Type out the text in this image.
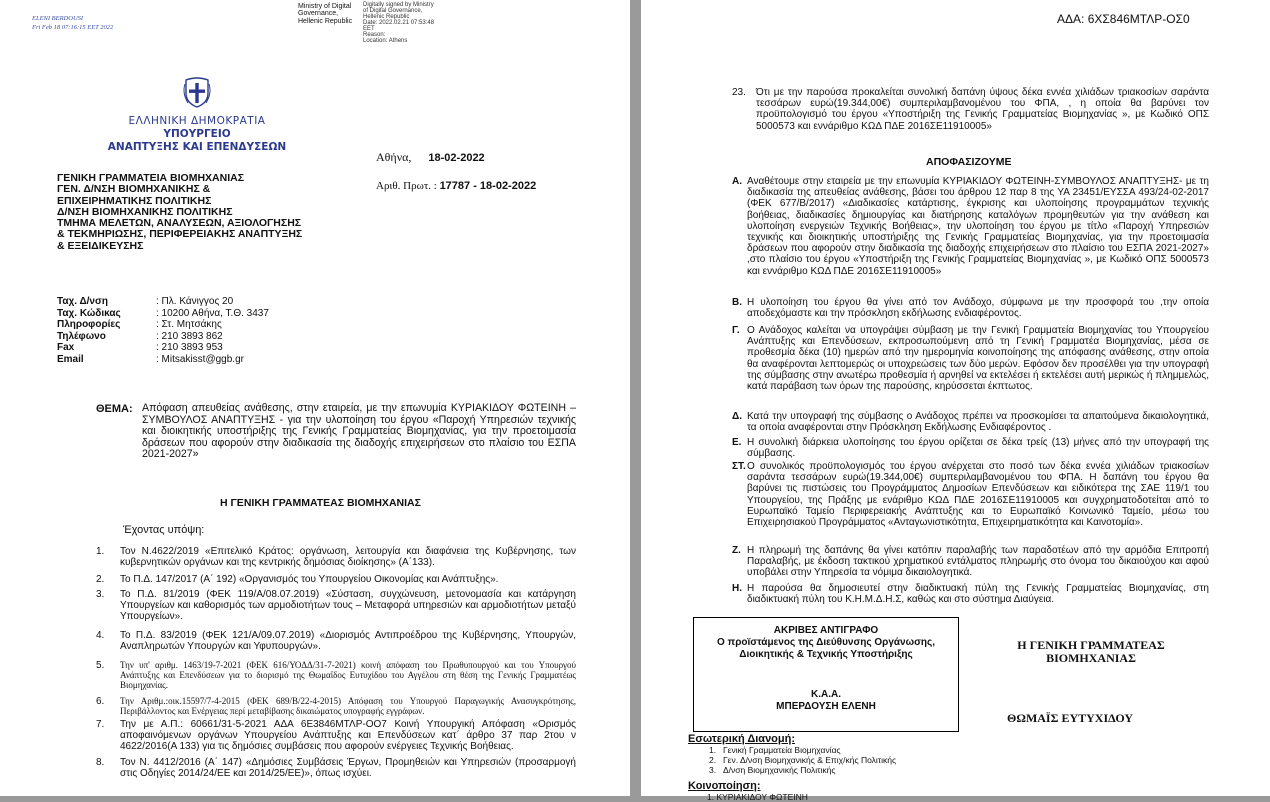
ELENI BERDOUSI
Fri Feb 18 07:16:15 EET 2022
Ministry of Digital
Governance,
Hellenic Republic
Digitally signed by Ministry
of Digital Governance,
Hellenic Republic
Date: 2022.02.21 07:53:48
EET
Reason:
Location: Athens
ΕΛΛΗΝΙΚΗ ΔΗΜΟΚΡΑΤΙΑ
ΥΠΟΥΡΓΕΙΟ
ΑΝΑΠΤΥΞΗΣ ΚΑΙ ΕΠΕΝΔΥΣΕΩΝ
Αθήνα, 18-02-2022
Αριθ. Πρωτ. : 17787 - 18-02-2022
ΓΕΝΙΚΗ ΓΡΑΜΜΑΤΕΙΑ ΒΙΟΜΗΧΑΝΙΑΣ
ΓΕΝ. Δ/ΝΣΗ ΒΙΟΜΗΧΑΝΙΚΗΣ &
ΕΠΙΧΕΙΡΗΜΑΤΙΚΗΣ ΠΟΛΙΤΙΚΗΣ
Δ/ΝΣΗ ΒΙΟΜΗΧΑΝΙΚΗΣ ΠΟΛΙΤΙΚΗΣ
ΤΜΗΜΑ ΜΕΛΕΤΩΝ, ΑΝΑΛΥΣΕΩΝ, ΑΞΙΟΛΟΓΗΣΗΣ
& ΤΕΚΜΗΡΙΩΣΗΣ, ΠΕΡΙΦΕΡΕΙΑΚΗΣ ΑΝΑΠΤΥΞΗΣ
& ΕΞΕΙΔΙΚΕΥΣΗΣ
Ταχ. Δ/νση	: Πλ. Κάνιγγος 20
Ταχ. Κώδικας	: 10200 Αθήνα, Τ.Θ. 3437
Πληροφορίες	: Στ. Μητσάκης
Τηλέφωνο	: 210 3893 862
Fax	: 210 3893 953
Email	: Mitsakisst@ggb.gr
ΘΕΜΑ: Απόφαση απευθείας ανάθεσης, στην εταιρεία, με την επωνυμία ΚΥΡΙΑΚΙΔΟΥ ΦΩΤΕΙΝΗ –ΣΥΜΒΟΥΛΟΣ ΑΝΑΠΤΥΞΗΣ - για την υλοποίηση του έργου «Παροχή Υπηρεσιών τεχνικής και διοικητικής υποστήριξης της Γενικής Γραμματείας Βιομηχανίας, για την προετοιμασία δράσεων που αφορούν στην διαδικασία της διαδοχής επιχειρήσεων στο πλαίσιο του ΕΣΠΑ 2021-2027»
Η ΓΕΝΙΚΗ ΓΡΑΜΜΑΤΕΑΣ ΒΙΟΜΗΧΑΝΙΑΣ
Έχοντας υπόψη:
1. Τον Ν.4622/2019 «Επιτελικό Κράτος: οργάνωση, λειτουργία και διαφάνεια της Κυβέρνησης, των κυβερνητικών οργάνων και της κεντρικής δημόσιας διοίκησης» (Α΄133).
2. Το Π.Δ. 147/2017 (Α΄ 192) «Οργανισμός του Υπουργείου Οικονομίας και Ανάπτυξης».
3. Το Π.Δ. 81/2019 (ΦΕΚ 119/Α/08.07.2019) «Σύσταση, συγχώνευση, μετονομασία και κατάργηση Υπουργείων και καθορισμός των αρμοδιοτήτων τους – Μεταφορά υπηρεσιών και αρμοδιοτήτων μεταξύ Υπουργείων».
4. Το Π.Δ. 83/2019 (ΦΕΚ 121/Α/09.07.2019) «Διορισμός Αντιπροέδρου της Κυβέρνησης, Υπουργών, Αναπληρωτών Υπουργών και Υφυπουργών».
5. Την υπ' αριθμ. 1463/19-7-2021 (ΦΕΚ 616/ΥΟΔΔ/31-7-2021) κοινή απόφαση του Πρωθυπουργού και του Υπουργού Ανάπτυξης και Επενδύσεων για το διορισμό της Θωμαΐδος Ευτυχίδου του Αγγέλου στη θέση της Γενικής Γραμματέως Βιομηχανίας.
6. Την Αριθμ.:οικ.15597/7-4-2015 (ΦΕΚ 689/Β/22-4-2015) Απόφαση του Υπουργού Παραγωγικής Ανασυγκρότησης, Περιβάλλοντος και Ενέργειας περί μεταβίβασης δικαιώματος υπογραφής εγγράφων.
7. Την με Α.Π.: 60661/31-5-2021 ΑΔΑ 6Ε3846ΜΤΛΡ-ΟΟ7 Κοινή Υπουργική Απόφαση «Ορισμός αποφαινόμενων οργάνων Υπουργείου Ανάπτυξης και Επενδύσεων κατ΄ άρθρο 37 παρ 2του ν 4622/2016(Α 133) για τις δημόσιες συμβάσεις που αφορούν ενέργειες Τεχνικής Βοήθειας.
8. Τον Ν. 4412/2016 (Α΄ 147) «Δημόσιες Συμβάσεις Έργων, Προμηθειών και Υπηρεσιών (προσαρμογή στις Οδηγίες 2014/24/ΕΕ και 2014/25/ΕΕ)», όπως ισχύει.
ΑΔΑ: 6ΧΣ846ΜΤΛΡ-ΟΣ0
23. Ότι με την παρούσα προκαλείται συνολική δαπάνη ύψους δέκα εννέα χιλιάδων τριακοσίων σαράντα τεσσάρων ευρώ(19.344,00€) συμπεριλαμβανομένου του ΦΠΑ, , η οποία θα βαρύνει τον προϋπολογισμό του έργου «Υποστήριξη της Γενικής Γραμματείας Βιομηχανίας », με Κωδικό ΟΠΣ 5000573 και εννάριθμο ΚΩΔ ΠΔΕ 2016ΣΕ11910005»
ΑΠΟΦΑΣΙΖΟΥΜΕ
Α. Αναθέτουμε στην εταιρεία με την επωνυμία ΚΥΡΙΑΚΙΔΟΥ ΦΩΤΕΙΝΗ-ΣΥΜΒΟΥΛΟΣ ΑΝΑΠΤΥΞΗΣ- με τη διαδικασία της απευθείας ανάθεσης, βάσει του άρθρου 12 παρ 8 της ΥΑ 23451/ΕΥΣΣΑ 493/24-02-2017 (ΦΕΚ 677/Β/2017) «Διαδικασίες κατάρτισης, έγκρισης και υλοποίησης προγραμμάτων τεχνικής βοήθειας, διαδικασίες δημιουργίας και διατήρησης καταλόγων προμηθευτών για την ανάθεση και υλοποίηση ενεργειών Τεχνικής Βοήθειας», την υλοποίηση του έργου με τίτλο «Παροχή Υπηρεσιών τεχνικής και διοικητικής υποστήριξης της Γενικής Γραμματείας Βιομηχανίας, για την προετοιμασία δράσεων που αφορούν στην διαδικασία της διαδοχής επιχειρήσεων στο πλαίσιο του ΕΣΠΑ 2021-2027» ,στο πλαίσιο του έργου «Υποστήριξη της Γενικής Γραμματείας Βιομηχανίας », με Κωδικό ΟΠΣ 5000573 και εννάριθμο ΚΩΔ ΠΔΕ 2016ΣΕ11910005»
Β. Η υλοποίηση του έργου θα γίνει από τον Ανάδοχο, σύμφωνα με την προσφορά του ,την οποία αποδεχόμαστε και την πρόσκληση εκδήλωσης ενδιαφέροντος.
Γ. Ο Ανάδοχος καλείται να υπογράψει σύμβαση με την Γενική Γραμματεία Βιομηχανίας του Υπουργείου Ανάπτυξης και Επενδύσεων, εκπροσωπούμενη από τη Γενική Γραμματέα Βιομηχανίας, μέσα σε προθεσμία δέκα (10) ημερών από την ημερομηνία κοινοποίησης της απόφασης ανάθεσης, στην οποία θα αναφέρονται λεπτομερώς οι υποχρεώσεις των δύο μερών. Εφόσον δεν προσέλθει για την υπογραφή της σύμβασης στην ανωτέρω προθεσμία ή αρνηθεί να εκτελέσει ή εκτελέσει αυτή μερικώς ή πλημμελώς, κατά παράβαση των όρων της παρούσης, κηρύσσεται έκπτωτος.
Δ. Κατά την υπογραφή της σύμβασης ο Ανάδοχος πρέπει να προσκομίσει τα απαιτούμενα δικαιολογητικά, τα οποία αναφέρονται στην Πρόσκληση Εκδήλωσης Ενδιαφέροντος .
Ε. Η συνολική διάρκεια υλοποίησης του έργου ορίζεται σε δέκα τρείς (13) μήνες από την υπογραφή της σύμβασης.
ΣΤ. Ο συνολικός προϋπολογισμός του έργου ανέρχεται στο ποσό των δέκα εννέα χιλιάδων τριακοσίων σαράντα τεσσάρων ευρώ(19.344,00€) συμπεριλαμβανομένου του ΦΠΑ. Η δαπάνη του έργου θα βαρύνει τις πιστώσεις του Προγράμματος Δημοσίων Επενδύσεων και ειδικότερα της ΣΑΕ 119/1 του Υπουργείου, της Πράξης με ενάριθμο ΚΩΔ ΠΔΕ 2016ΣΕ11910005 και συγχρηματοδοτείται από το Ευρωπαϊκό Ταμείο Περιφερειακής Ανάπτυξης και το Ευρωπαϊκό Κοινωνικό Ταμείο, μέσω του Επιχειρησιακού Προγράμματος «Ανταγωνιστικότητα, Επιχειρηματικότητα και Καινοτομία».
Ζ. Η πληρωμή της δαπάνης θα γίνει κατόπιν παραλαβής των παραδοτέων από την αρμόδια Επιτροπή Παραλαβής, με έκδοση τακτικού χρηματικού εντάλματος πληρωμής στο όνομα του δικαιούχου και αφού υποβάλει στην Υπηρεσία τα νόμιμα δικαιολογητικά.
Η. Η παρούσα θα δημοσιευτεί στην διαδικτυακή πύλη της Γενικής Γραμματείας Βιομηχανίας, στη διαδικτυακή πύλη του Κ.Η.Μ.Δ.Η.Σ, καθώς και στο σύστημα Διαύγεια.
ΑΚΡΙΒΕΣ ΑΝΤΙΓΡΑΦΟ
Ο προϊστάμενος της Διεύθυνσης Οργάνωσης,
Διοικητικής & Τεχνικής Υποστήριξης
Κ.Α.Α.
ΜΠΕΡΔΟΥΣΗ ΕΛΕΝΗ
Η ΓΕΝΙΚΗ ΓΡΑΜΜΑΤΕΑΣ
ΒΙΟΜΗΧΑΝΙΑΣ
ΘΩΜΑΪΣ ΕΥΤΥΧΙΔΟΥ
Εσωτερική Διανομή:
1. Γενική Γραμματεία Βιομηχανίας
2. Γεν. Δ/νση Βιομηχανικής & Επιχ/κής Πολιτικής
3. Δ/νση Βιομηχανικής Πολιτικής
Κοινοποίηση:
1. ΚΥΡΙΑΚΙΔΟΥ ΦΩΤΕΙΝΗ
